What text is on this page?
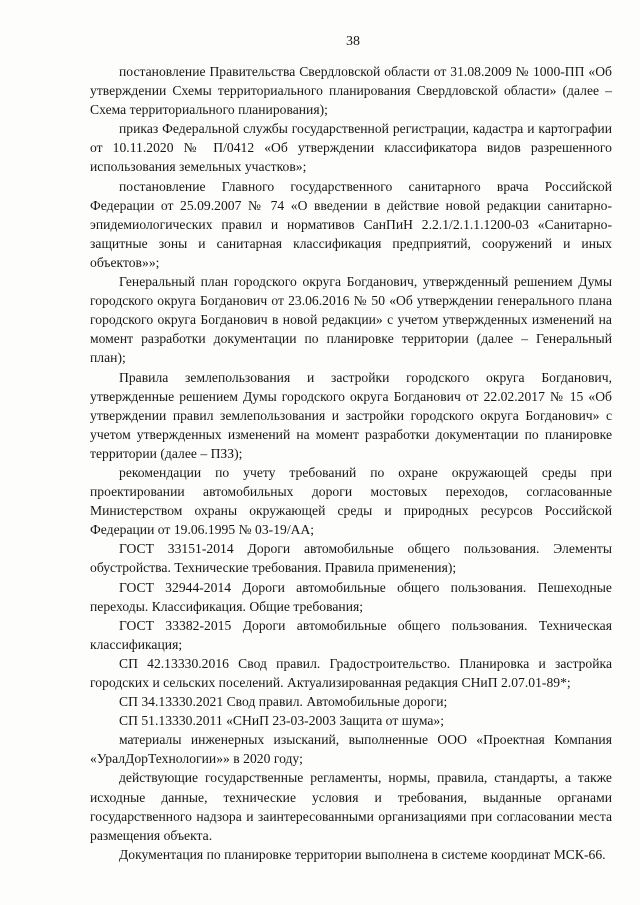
38

постановление Правительства Свердловской области от 31.08.2009 № 1000-ПП «Об утверждении Схемы территориального планирования Свердловской области» (далее – Схема территориального планирования);

приказ Федеральной службы государственной регистрации, кадастра и картографии от 10.11.2020 № П/0412 «Об утверждении классификатора видов разрешенного использования земельных участков»;

постановление Главного государственного санитарного врача Российской Федерации от 25.09.2007 № 74 «О введении в действие новой редакции санитарно-эпидемиологических правил и нормативов СанПиН 2.2.1/2.1.1.1200-03 «Санитарно-защитные зоны и санитарная классификация предприятий, сооружений и иных объектов»»;

Генеральный план городского округа Богданович, утвержденный решением Думы городского округа Богданович от 23.06.2016 № 50 «Об утверждении генерального плана городского округа Богданович в новой редакции» с учетом утвержденных изменений на момент разработки документации по планировке территории (далее – Генеральный план);

Правила землепользования и застройки городского округа Богданович, утвержденные решением Думы городского округа Богданович от 22.02.2017 № 15 «Об утверждении правил землепользования и застройки городского округа Богданович» с учетом утвержденных изменений на момент разработки документации по планировке территории (далее – ПЗЗ);

рекомендации по учету требований по охране окружающей среды при проектировании автомобильных дороги мостовых переходов, согласованные Министерством охраны окружающей среды и природных ресурсов Российской Федерации от 19.06.1995 № 03-19/АА;

ГОСТ 33151-2014 Дороги автомобильные общего пользования. Элементы обустройства. Технические требования. Правила применения);

ГОСТ 32944-2014 Дороги автомобильные общего пользования. Пешеходные переходы. Классификация. Общие требования;

ГОСТ 33382-2015 Дороги автомобильные общего пользования. Техническая классификация;

СП 42.13330.2016 Свод правил. Градостроительство. Планировка и застройка городских и сельских поселений. Актуализированная редакция СНиП 2.07.01-89*;

СП 34.13330.2021 Свод правил. Автомобильные дороги;

СП 51.13330.2011 «СНиП 23-03-2003 Защита от шума»;

материалы инженерных изысканий, выполненные ООО «Проектная Компания «УралДорТехнологии»» в 2020 году;

действующие государственные регламенты, нормы, правила, стандарты, а также исходные данные, технические условия и требования, выданные органами государственного надзора и заинтересованными организациями при согласовании места размещения объекта.

Документация по планировке территории выполнена в системе координат МСК-66.
